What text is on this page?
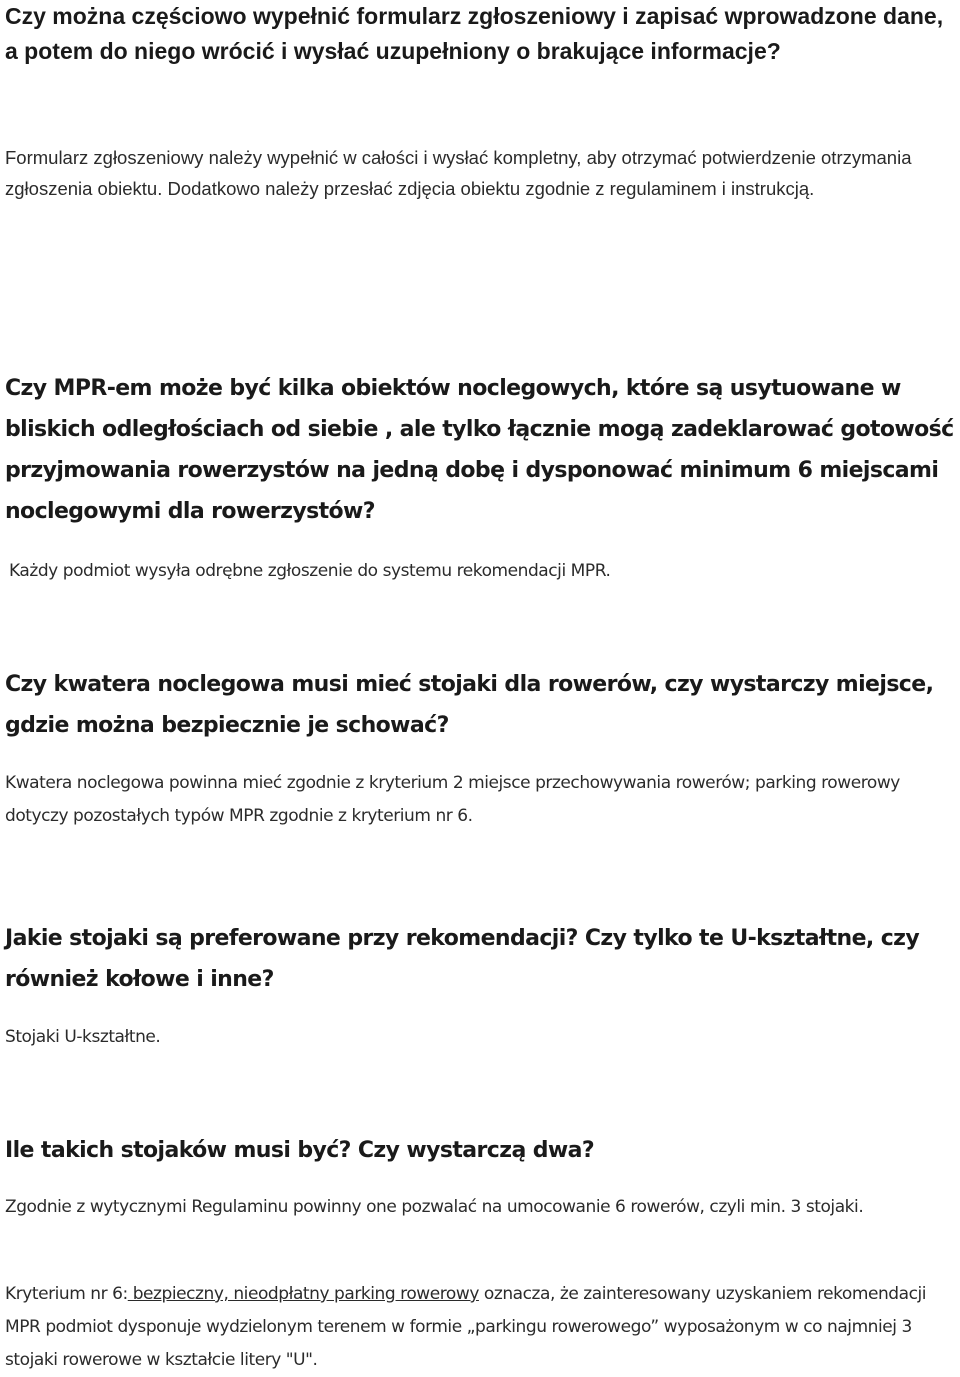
Czy można częściowo wypełnić formularz zgłoszeniowy i zapisać wprowadzone dane, a potem do niego wrócić i wysłać uzupełniony o brakujące informacje?

Formularz zgłoszeniowy należy wypełnić w całości i wysłać kompletny, aby otrzymać potwierdzenie otrzymania zgłoszenia obiektu. Dodatkowo należy przesłać zdjęcia obiektu zgodnie z regulaminem i instrukcją.

Czy MPR-em może być kilka obiektów noclegowych, które są usytuowane w bliskich odległościach od siebie , ale tylko łącznie mogą zadeklarować gotowość przyjmowania rowerzystów na jedną dobę i dysponować minimum 6 miejscami noclegowymi dla rowerzystów?

Każdy podmiot wysyła odrębne zgłoszenie do systemu rekomendacji MPR.

Czy kwatera noclegowa musi mieć stojaki dla rowerów, czy wystarczy miejsce, gdzie można bezpiecznie je schować?

Kwatera noclegowa powinna mieć zgodnie z kryterium 2 miejsce przechowywania rowerów; parking rowerowy dotyczy pozostałych typów MPR zgodnie z kryterium nr 6.

Jakie stojaki są preferowane przy rekomendacji? Czy tylko te U-kształtne, czy również kołowe i inne?

Stojaki U-kształtne.

Ile takich stojaków musi być? Czy wystarczą dwa?

Zgodnie z wytycznymi Regulaminu powinny one pozwalać na umocowanie 6 rowerów, czyli min. 3 stojaki.

Kryterium nr 6: bezpieczny, nieodpłatny parking rowerowy oznacza, że zainteresowany uzyskaniem rekomendacji MPR podmiot dysponuje wydzielonym terenem w formie „parkingu rowerowego” wyposażonym w co najmniej 3 stojaki rowerowe w kształcie litery "U".
